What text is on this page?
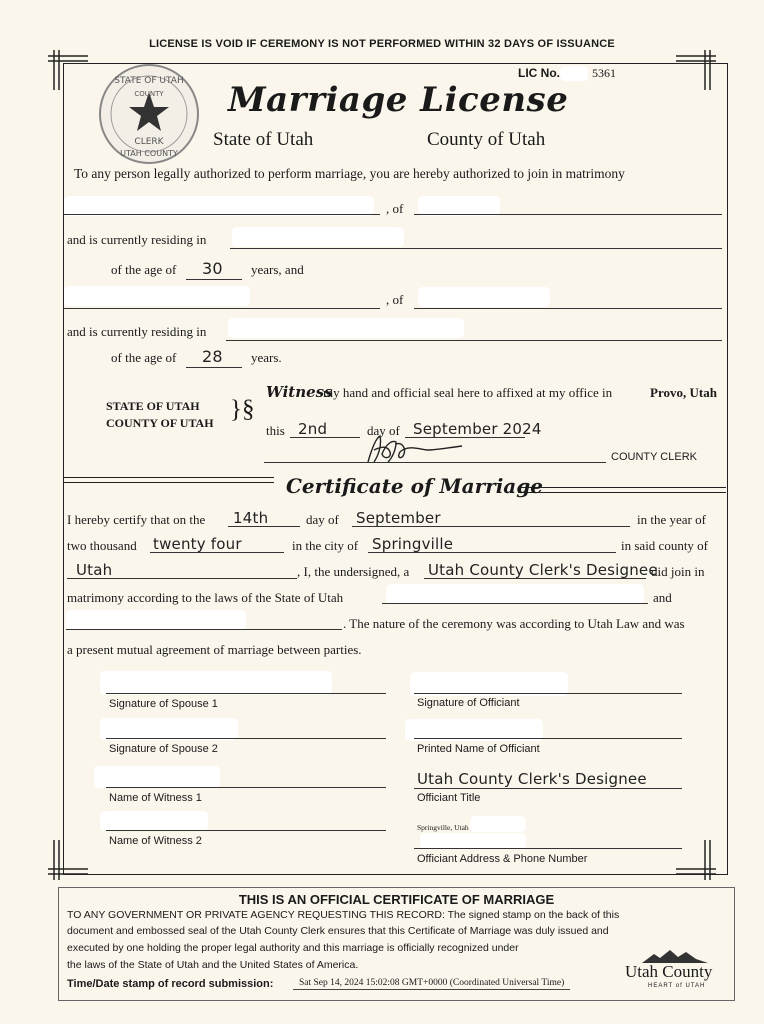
LICENSE IS VOID IF CEREMONY IS NOT PERFORMED WITHIN 32 DAYS OF ISSUANCE
STATE OF UTAH
COUNTY
CLERK
UTAH COUNTY
LIC No.	5361
Marriage License
State of Utah	County of Utah
To any person legally authorized to perform marriage, you are hereby authorized to join in matrimony
, of
and is currently residing in
of the age of 30 years, and
, of
and is currently residing in
of the age of 28 years.
STATE OF UTAH
COUNTY OF UTAH }§
Witness
my hand and official seal here to affixed at my office in	Provo, Utah
this 2nd	day of September 2024
COUNTY CLERK
Certificate of Marriage
I hereby certify that on the 14th	day of September	in the year of
two thousand twenty four	in the city of Springville	in said county of
Utah	, I, the undersigned, a Utah County Clerk's Designee
did join in
matrimony according to the laws of the State of Utah	and
. The nature of the ceremony was according to Utah Law and was
a present mutual agreement of marriage between parties.
Signature of Spouse 1
Signature of Spouse 2
Name of Witness 1
Name of Witness 2
Signature of Officiant
Printed Name of Officiant
Utah County Clerk's Designee
Officiant Title
Springville, Utah
Officiant Address & Phone Number
THIS IS AN OFFICIAL CERTIFICATE OF MARRIAGE
TO ANY GOVERNMENT OR PRIVATE AGENCY REQUESTING THIS RECORD: The signed stamp on the back of this
document and embossed seal of the Utah County Clerk ensures that this Certificate of Marriage was duly issued and
executed by one holding the proper legal authority and this marriage is officially recognized under
the laws of the State of Utah and the United States of America.
Time/Date stamp of record submission:	Sat Sep 14, 2024 15:02:08 GMT+0000 (Coordinated Universal Time)
Utah County
HEART of UTAH
